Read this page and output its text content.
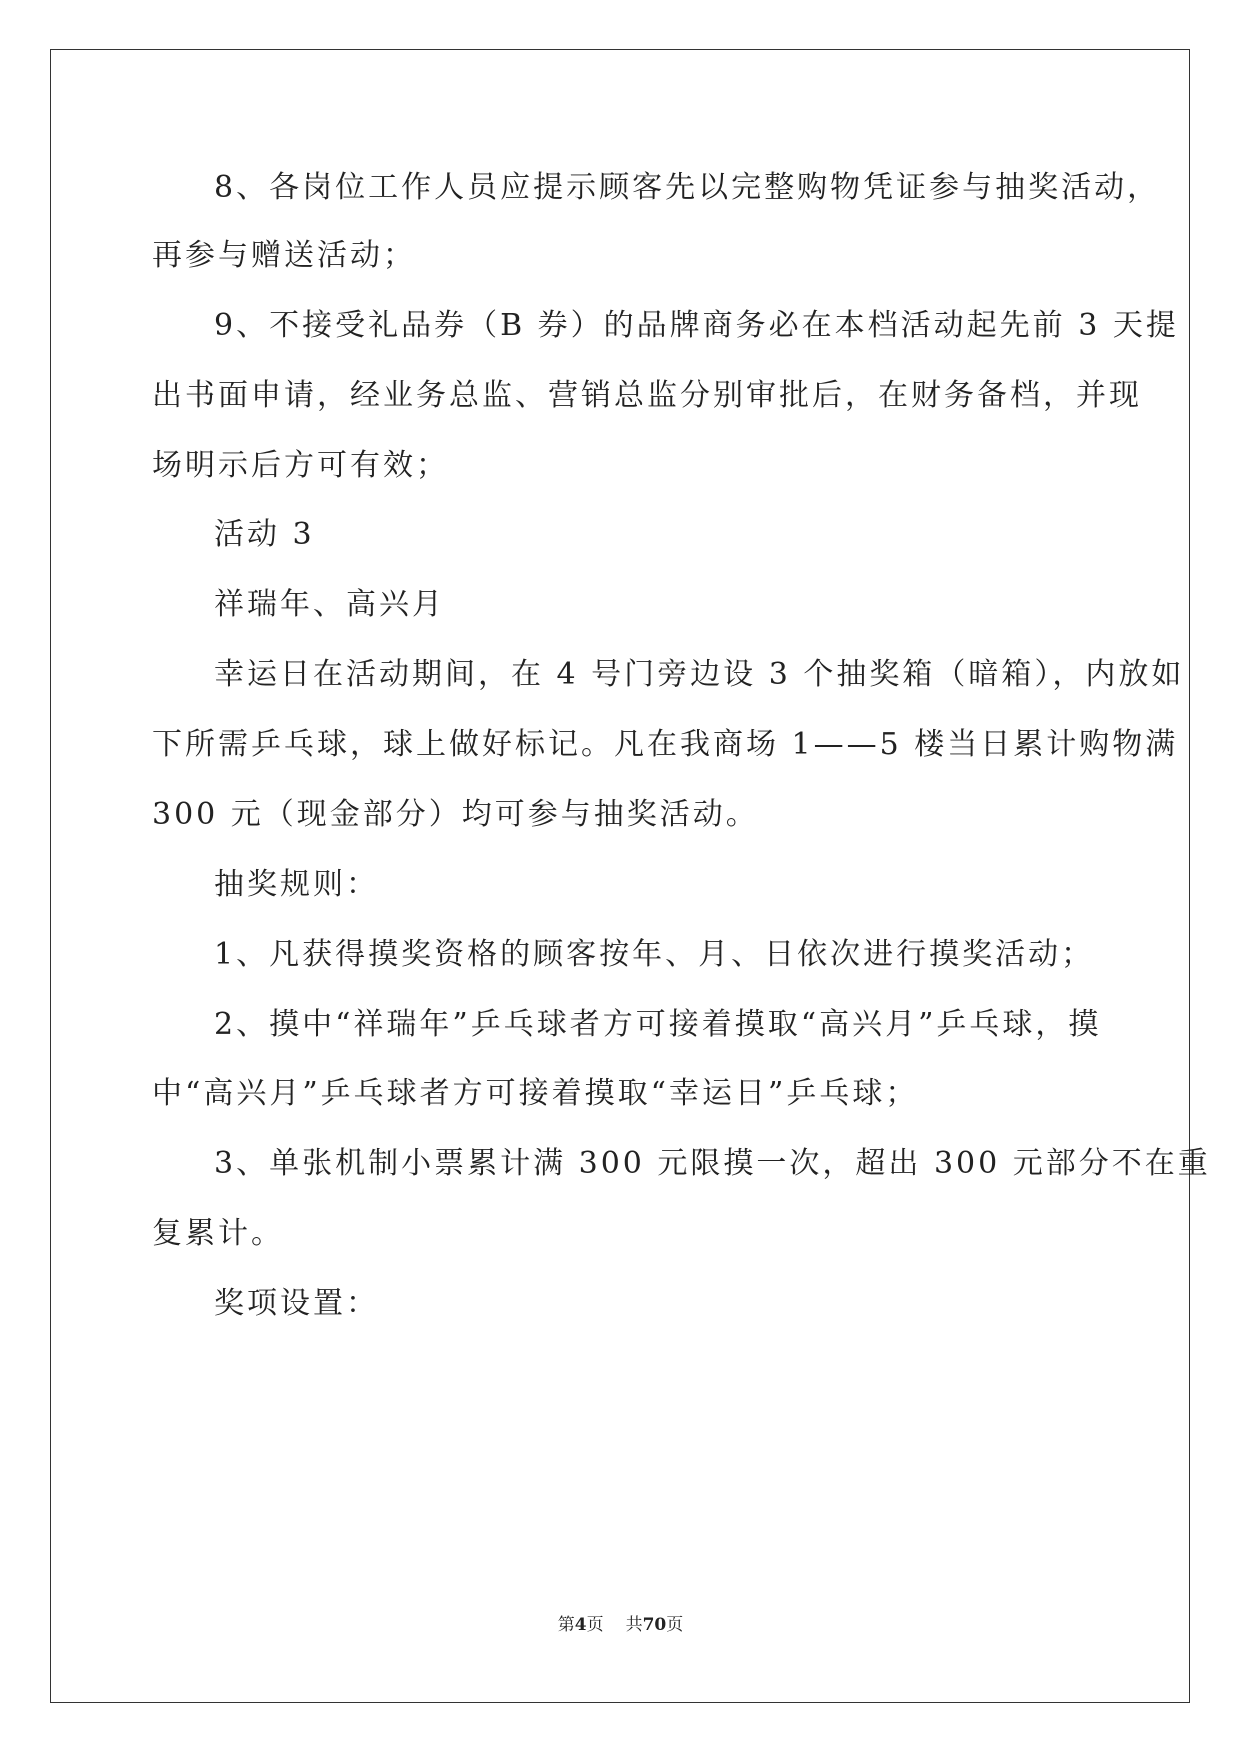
8、各岗位工作人员应提示顾客先以完整购物凭证参与抽奖活动，
再参与赠送活动；
9、不接受礼品券（B 券）的品牌商务必在本档活动起先前 3 天提
出书面申请，经业务总监、营销总监分别审批后，在财务备档，并现
场明示后方可有效；
活动 3
祥瑞年、高兴月
幸运日在活动期间，在 4 号门旁边设 3 个抽奖箱（暗箱），内放如
下所需乒乓球，球上做好标记。凡在我商场 1——5 楼当日累计购物满
300 元（现金部分）均可参与抽奖活动。
抽奖规则：
1、凡获得摸奖资格的顾客按年、月、日依次进行摸奖活动；
2、摸中“祥瑞年”乒乓球者方可接着摸取“高兴月”乒乓球，摸
中“高兴月”乒乓球者方可接着摸取“幸运日”乒乓球；
3、单张机制小票累计满 300 元限摸一次，超出 300 元部分不在重
复累计。
奖项设置：
第4页 共70页
